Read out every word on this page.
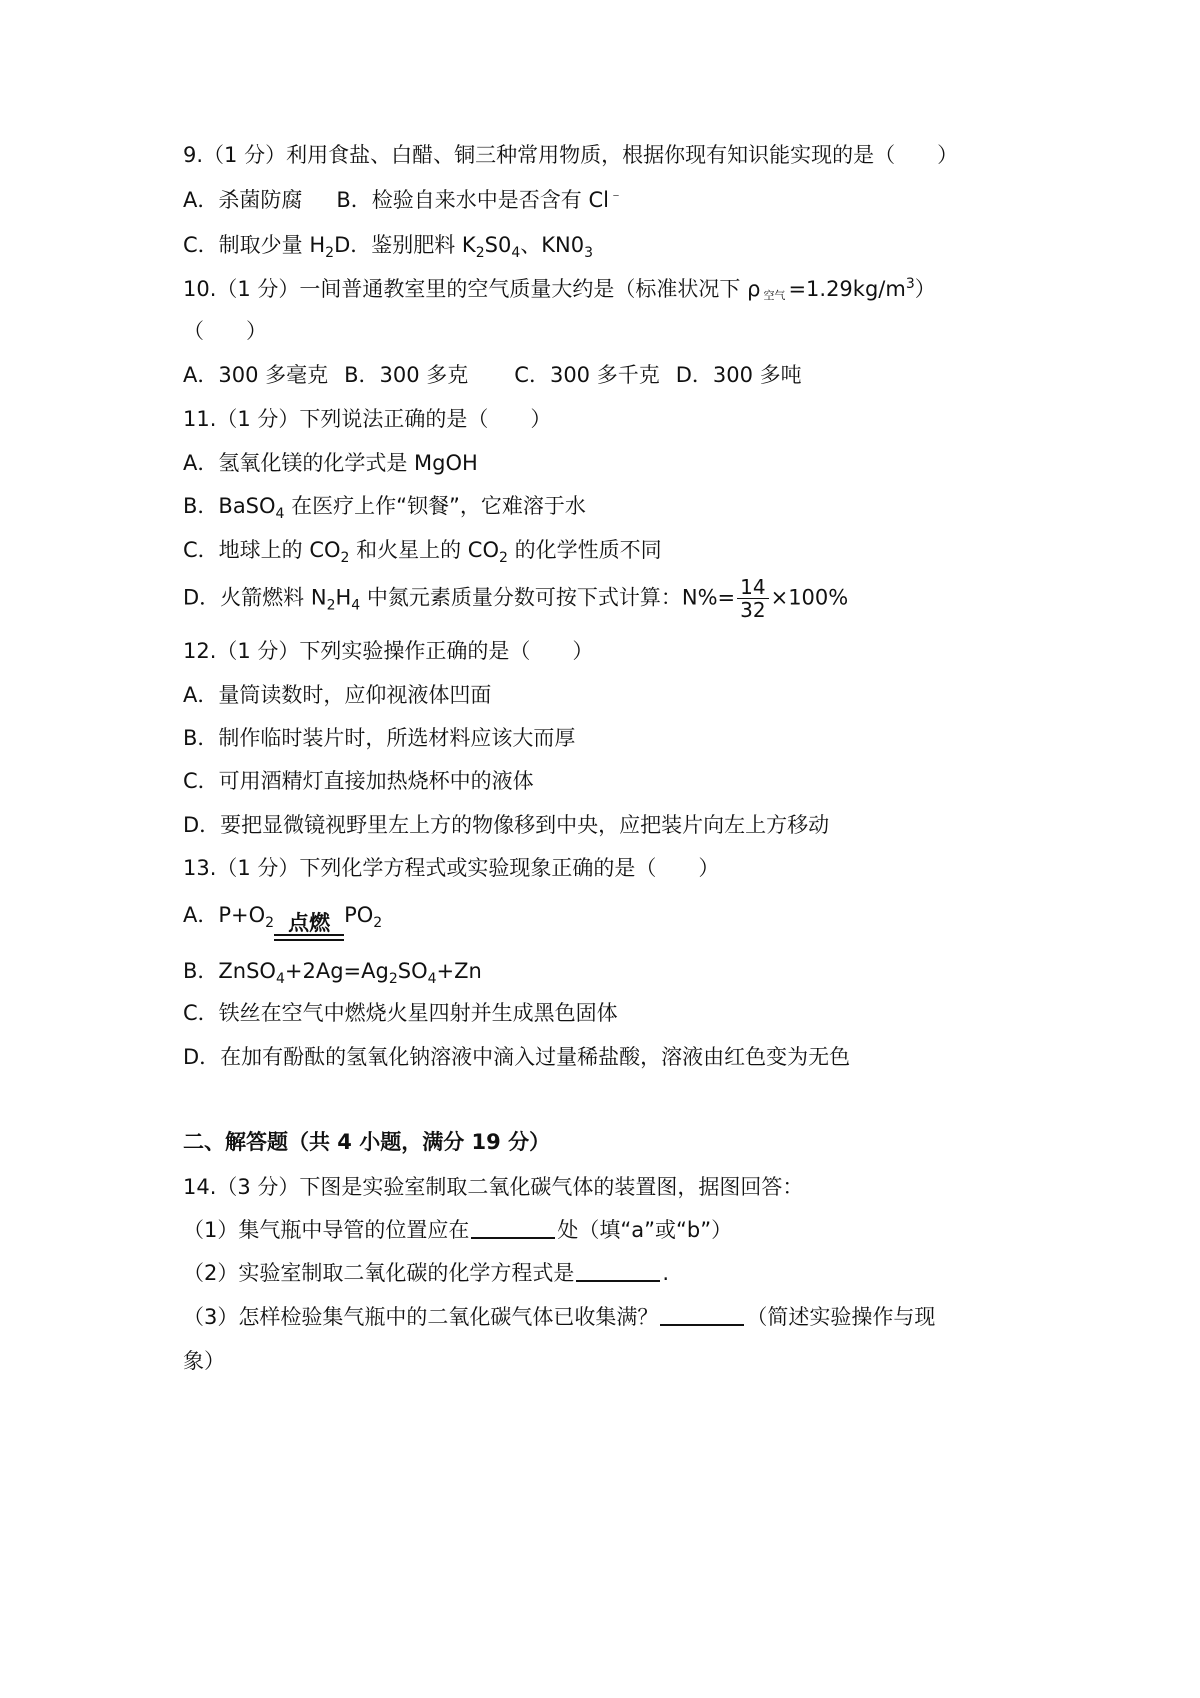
9.（1 分）利用食盐、白醋、铜三种常用物质，根据你现有知识能实现的是（　　）
A．杀菌防腐 B．检验自来水中是否含有 Cl﹣
C．制取少量 $H_2D$．鉴别肥料 $K_2S0_4$、$KN0_3$
10.（1 分）一间普通教室里的空气质量大约是（标准状况下 ρ 空气 $=1.29kg/m^3$）
（　　）
A．300 多毫克 B．300 多克 C．300 多千克 D．300 多吨
11.（1 分）下列说法正确的是（　　）
A．氢氧化镁的化学式是 MgOH
B．BaSO$_4$ 在医疗上作“钡餐”，它难溶于水
C．地球上的 $CO_2$ 和火星上的 $CO_2$ 的化学性质不同
D．火箭燃料 $N_2H_4$ 中氮元素质量分数可按下式计算：$N\%= \frac{14}{32} \times 100\%$
12.（1 分）下列实验操作正确的是（　　）
A．量筒读数时，应仰视液体凹面
B．制作临时装片时，所选材料应该大而厚
C．可用酒精灯直接加热烧杯中的液体
D．要把显微镜视野里左上方的物像移到中央，应把装片向左上方移动
13.（1 分）下列化学方程式或实验现象正确的是（　　）
A．$P+O_2$ 点燃 $PO_2$
B．$ZnSO_4+2Ag=Ag_2SO_4+Zn$
C．铁丝在空气中燃烧火星四射并生成黑色固体
D．在加有酚酞的氢氧化钠溶液中滴入过量稀盐酸，溶液由红色变为无色
二、解答题（共 4 小题，满分 19 分）
14.（3 分）下图是实验室制取二氧化碳气体的装置图，据图回答：
（1）集气瓶中导管的位置应在	处（填“a”或“b”）
（2）实验室制取二氧化碳的化学方程式是	.
（3）怎样检验集气瓶中的二氧化碳气体已收集满？	（简述实验操作与现
象）
